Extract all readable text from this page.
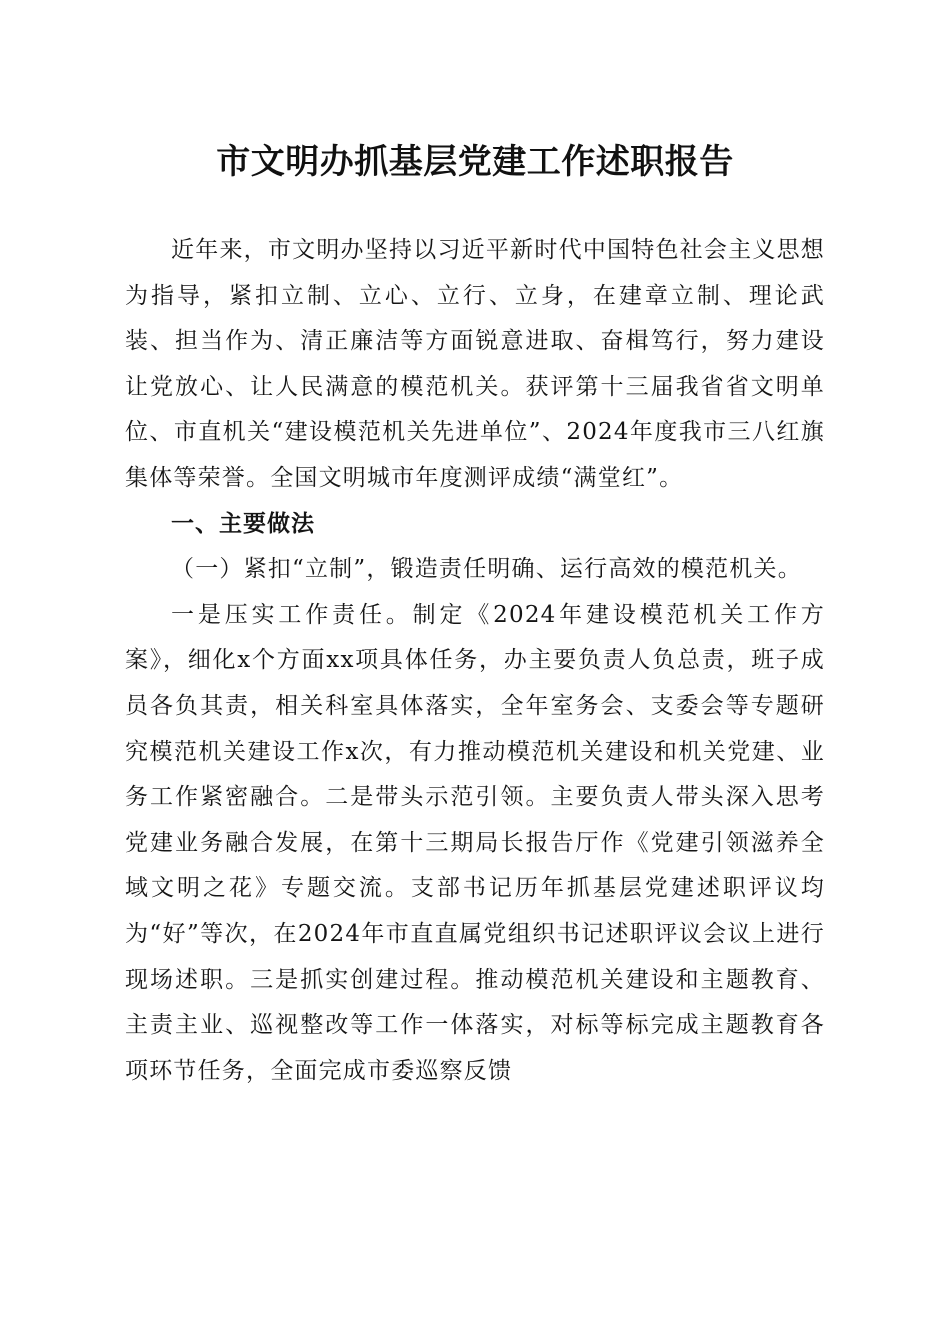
市文明办抓基层党建工作述职报告

近年来，市文明办坚持以习近平新时代中国特色社会主义思想为指导，紧扣立制、立心、立行、立身，在建章立制、理论武装、担当作为、清正廉洁等方面锐意进取、奋楫笃行，努力建设让党放心、让人民满意的模范机关。获评第十三届我省省文明单位、市直机关“建设模范机关先进单位”、2024年度我市三八红旗集体等荣誉。全国文明城市年度测评成绩“满堂红”。

一、主要做法

（一）紧扣“立制”，锻造责任明确、运行高效的模范机关。

一是压实工作责任。制定《2024年建设模范机关工作方案》，细化x个方面xx项具体任务，办主要负责人负总责，班子成员各负其责，相关科室具体落实，全年室务会、支委会等专题研究模范机关建设工作x次，有力推动模范机关建设和机关党建、业务工作紧密融合。二是带头示范引领。主要负责人带头深入思考党建业务融合发展，在第十三期局长报告厅作《党建引领滋养全域文明之花》专题交流。支部书记历年抓基层党建述职评议均为“好”等次，在2024年市直直属党组织书记述职评议会议上进行现场述职。三是抓实创建过程。推动模范机关建设和主题教育、主责主业、巡视整改等工作一体落实，对标等标完成主题教育各项环节任务，全面完成市委巡察反馈
